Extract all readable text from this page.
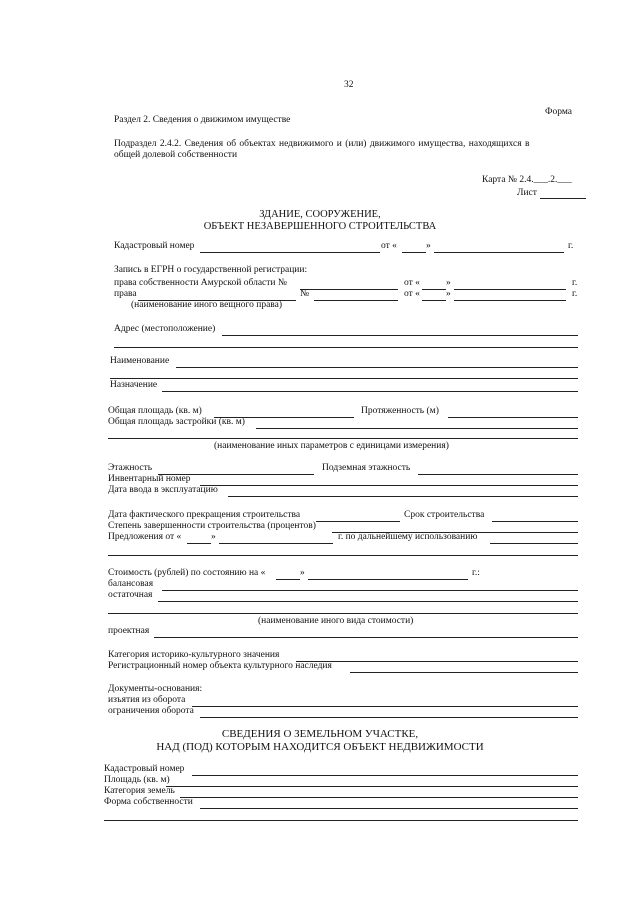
32
Форма
Раздел 2. Сведения о движимом имуществе
Подраздел 2.4.2. Сведения об объектах недвижимого и (или) движимого имущества, находящихся в
общей долевой собственности
Карта № 2.4.___.2.___
Лист
ЗДАНИЕ, СООРУЖЕНИЕ,
ОБЪЕКТ НЕЗАВЕРШЕННОГО СТРОИТЕЛЬСТВА
Кадастровый номер	от «	»	г.
Запись в ЕГРН о государственной регистрации:
права собственности Амурской области №	от «	»	г.
права	№	от «	»	г.
(наименование иного вещного права)
Адрес (местоположение)
Наименование
Назначение
Общая площадь (кв. м)	Протяженность (м)
Общая площадь застройки (кв. м)
(наименование иных параметров с единицами измерения)
Этажность	Подземная этажность
Инвентарный номер
Дата ввода в эксплуатацию
Дата фактического прекращения строительства	Срок строительства
Степень завершенности строительства (процентов)
Предложения от «	»	г. по дальнейшему использованию
Стоимость (рублей) по состоянию на «	»	г.:
балансовая
остаточная
(наименование иного вида стоимости)
проектная
Категория историко-культурного значения
Регистрационный номер объекта культурного наследия
Документы-основания:
изъятия из оборота
ограничения оборота
СВЕДЕНИЯ О ЗЕМЕЛЬНОМ УЧАСТКЕ,
НАД (ПОД) КОТОРЫМ НАХОДИТСЯ ОБЪЕКТ НЕДВИЖИМОСТИ
Кадастровый номер
Площадь (кв. м)
Категория земель
Форма собственности
